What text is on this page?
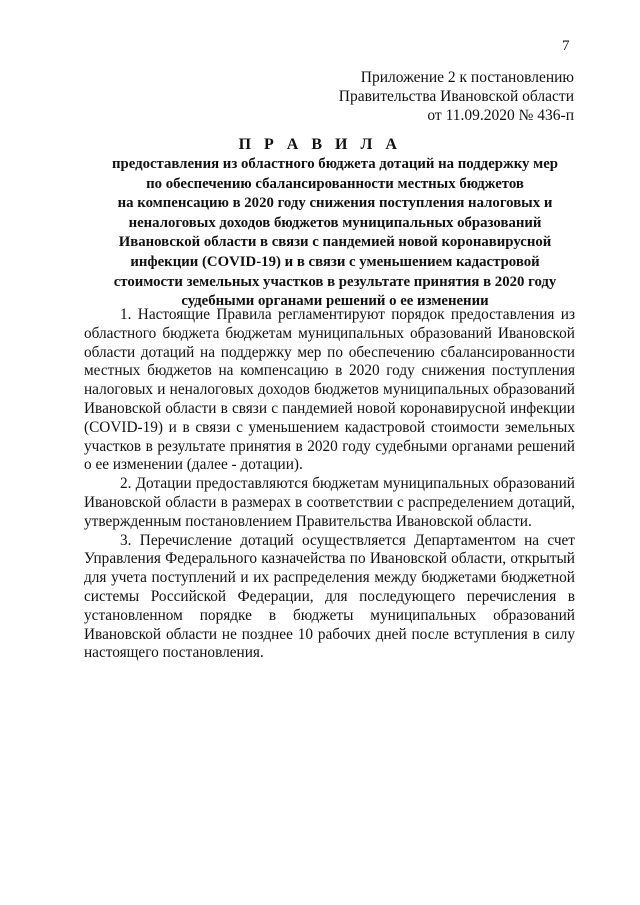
7
Приложение 2 к постановлению
Правительства Ивановской области
от 11.09.2020 № 436-п
П Р А В И Л А
предоставления из областного бюджета дотаций на поддержку мер
по обеспечению сбалансированности местных бюджетов
на компенсацию в 2020 году снижения поступления налоговых и
неналоговых доходов бюджетов муниципальных образований
Ивановской области в связи с пандемией новой коронавирусной
инфекции (COVID-19) и в связи с уменьшением кадастровой
стоимости земельных участков в результате принятия в 2020 году
судебными органами решений о ее изменении
1. Настоящие Правила регламентируют порядок предоставления из
областного бюджета бюджетам муниципальных образований Ивановской
области дотаций на поддержку мер по обеспечению сбалансированности
местных бюджетов на компенсацию в 2020 году снижения поступления
налоговых и неналоговых доходов бюджетов муниципальных образований
Ивановской области в связи с пандемией новой коронавирусной инфекции
(COVID-19) и в связи с уменьшением кадастровой стоимости земельных
участков в результате принятия в 2020 году судебными органами решений
о ее изменении (далее - дотации).
2. Дотации предоставляются бюджетам муниципальных образований
Ивановской области в размерах в соответствии с распределением дотаций,
утвержденным постановлением Правительства Ивановской области.
3. Перечисление дотаций осуществляется Департаментом на счет
Управления Федерального казначейства по Ивановской области, открытый
для учета поступлений и их распределения между бюджетами бюджетной
системы Российской Федерации, для последующего перечисления в
установленном порядке в бюджеты муниципальных образований
Ивановской области не позднее 10 рабочих дней после вступления в силу
настоящего постановления.
